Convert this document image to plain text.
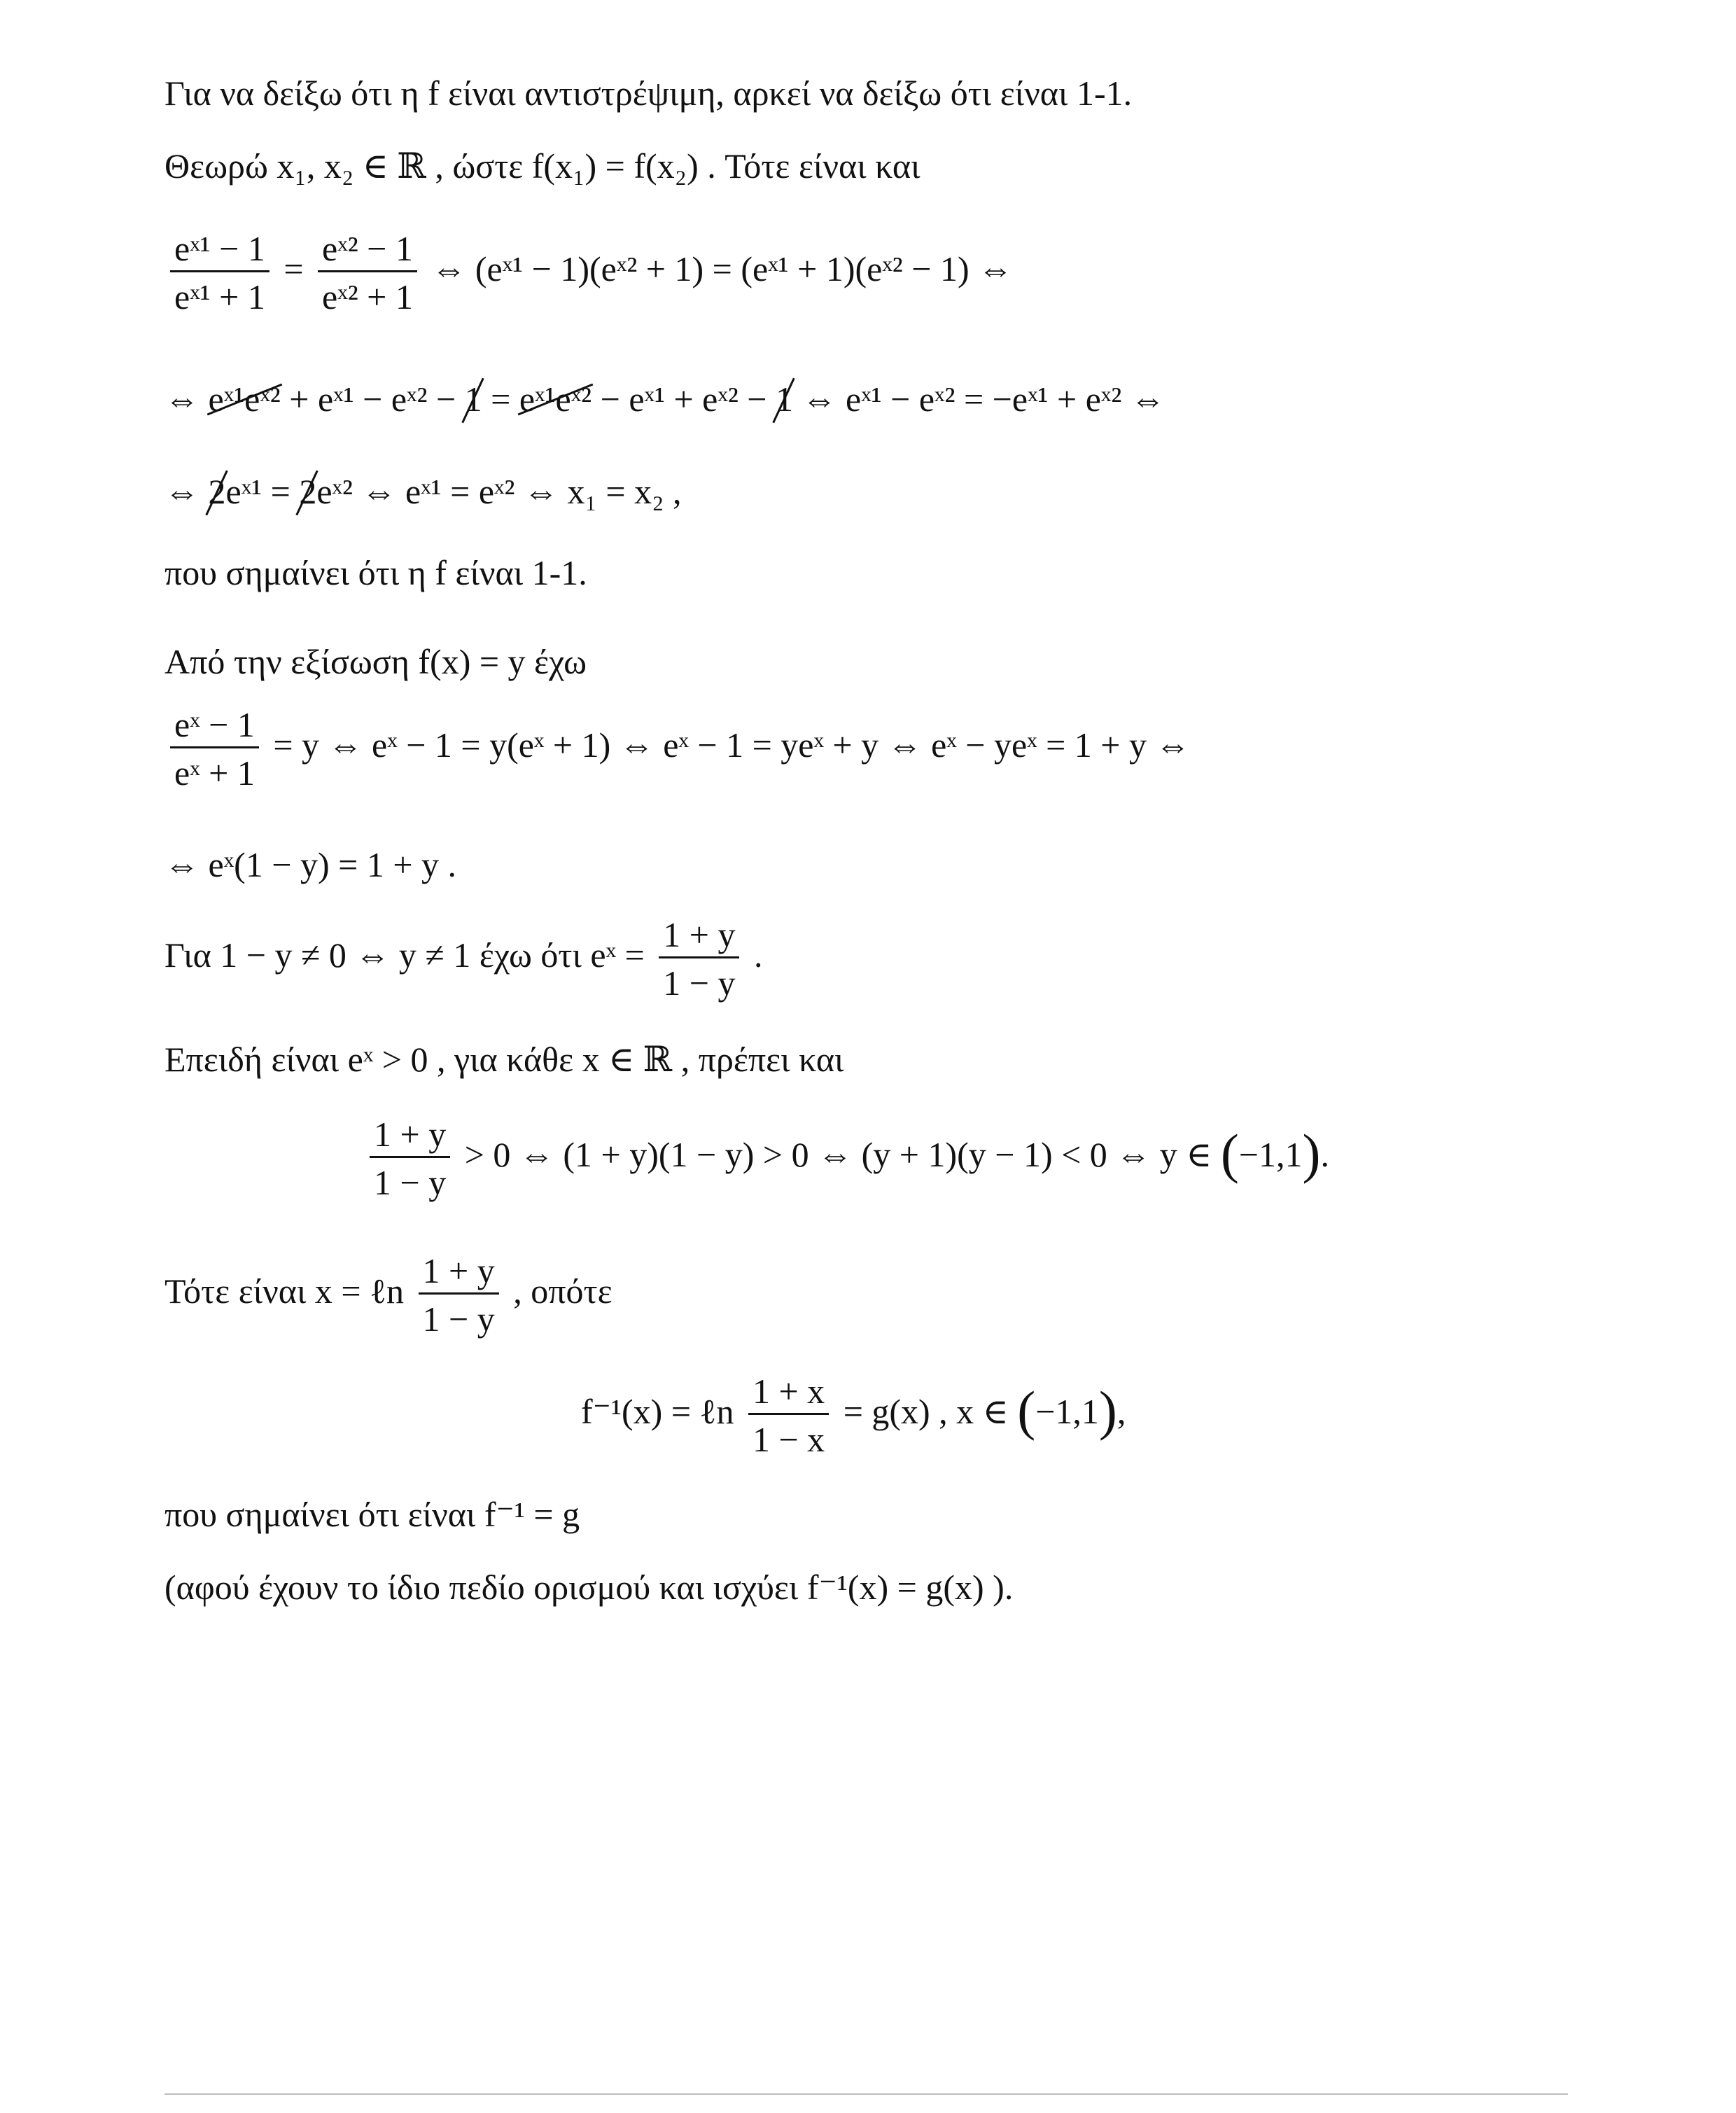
Για να δείξω ότι η f είναι αντιστρέψιμη, αρκεί να δείξω ότι είναι 1-1.
Θεωρώ x₁, x₂ ∈ ℝ , ώστε f(x₁) = f(x₂) . Τότε είναι και
$\frac{\text{eˣ¹ − 1}}{\text{eˣ¹ + 1}} = \frac{\text{eˣ² − 1}}{\text{eˣ² + 1}}$ ⇔ (eˣ¹ − 1)(eˣ² + 1) = (eˣ¹ + 1)(eˣ² − 1) ⇔
⇔ eˣ¹eˣ² + eˣ¹ − eˣ² − 1 = eˣ¹eˣ² − eˣ¹ + eˣ² − 1 ⇔ eˣ¹ − eˣ² = −eˣ¹ + eˣ² ⇔
⇔ 2eˣ¹ = 2eˣ² ⇔ eˣ¹ = eˣ² ⇔ x₁ = x₂ ,
που σημαίνει ότι η f είναι 1-1.
Από την εξίσωση f(x) = y έχω
$\frac{\text{eˣ − 1}}{\text{eˣ + 1}} = y$ ⇔ eˣ − 1 = y(eˣ + 1) ⇔ eˣ − 1 = yeˣ + y ⇔ eˣ − yeˣ = 1 + y ⇔
⇔ eˣ(1 − y) = 1 + y .
Για 1 − y ≠ 0 ⇔ y ≠ 1 έχω ότι eˣ = $\frac{1 + y}{1 - y}$ .
Επειδή είναι eˣ > 0 , για κάθε x ∈ ℝ , πρέπει και
$\frac{1 + y}{1 - y} > 0$ ⇔ (1 + y)(1 − y) > 0 ⇔ (y + 1)(y − 1) < 0 ⇔ y ∈ (−1,1).
Τότε είναι x = ℓn $\frac{1 + y}{1 - y}$ , οπότε
f⁻¹(x) = ℓn $\frac{1 + x}{1 - x} = g(x)$ , x ∈ (−1,1),
που σημαίνει ότι είναι f⁻¹ = g
(αφού έχουν το ίδιο πεδίο ορισμού και ισχύει f⁻¹(x) = g(x) ).
